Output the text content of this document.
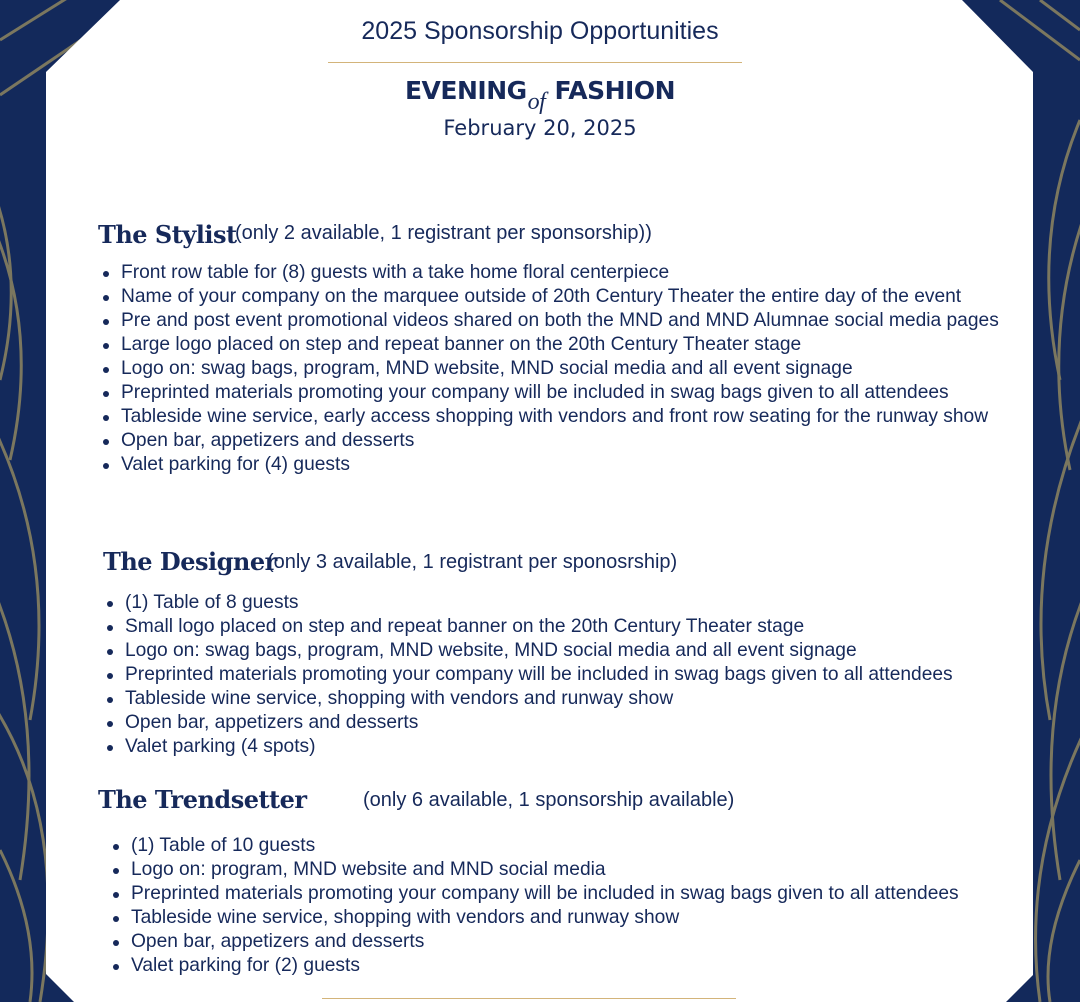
2025 Sponsorship Opportunities
EVENINGof FASHION
February 20, 2025
The Stylist
(only 2 available, 1 registrant per sponsorship))
Front row table for (8) guests with a take home floral centerpiece
Name of your company on the marquee outside of 20th Century Theater the entire day of the event
Pre and post event promotional videos shared on both the MND and MND Alumnae social media pages
Large logo placed on step and repeat banner on the 20th Century Theater stage
Logo on: swag bags, program, MND website, MND social media and all event signage
Preprinted materials promoting your company will be included in swag bags given to all attendees
Tableside wine service, early access shopping with vendors and front row seating for the runway show
Open bar, appetizers and desserts
Valet parking for (4) guests
The Designer
(only 3 available, 1 registrant per sponosrship)
(1) Table of 8 guests
Small logo placed on step and repeat banner on the 20th Century Theater stage
Logo on: swag bags, program, MND website, MND social media and all event signage
Preprinted materials promoting your company will be included in swag bags given to all attendees
Tableside wine service, shopping with vendors and runway show
Open bar, appetizers and desserts
Valet parking (4 spots)
The Trendsetter	(only 6 available, 1 sponsorship available)
(1) Table of 10 guests
Logo on: program, MND website and MND social media
Preprinted materials promoting your company will be included in swag bags given to all attendees
Tableside wine service, shopping with vendors and runway show
Open bar, appetizers and desserts
Valet parking for (2) guests
